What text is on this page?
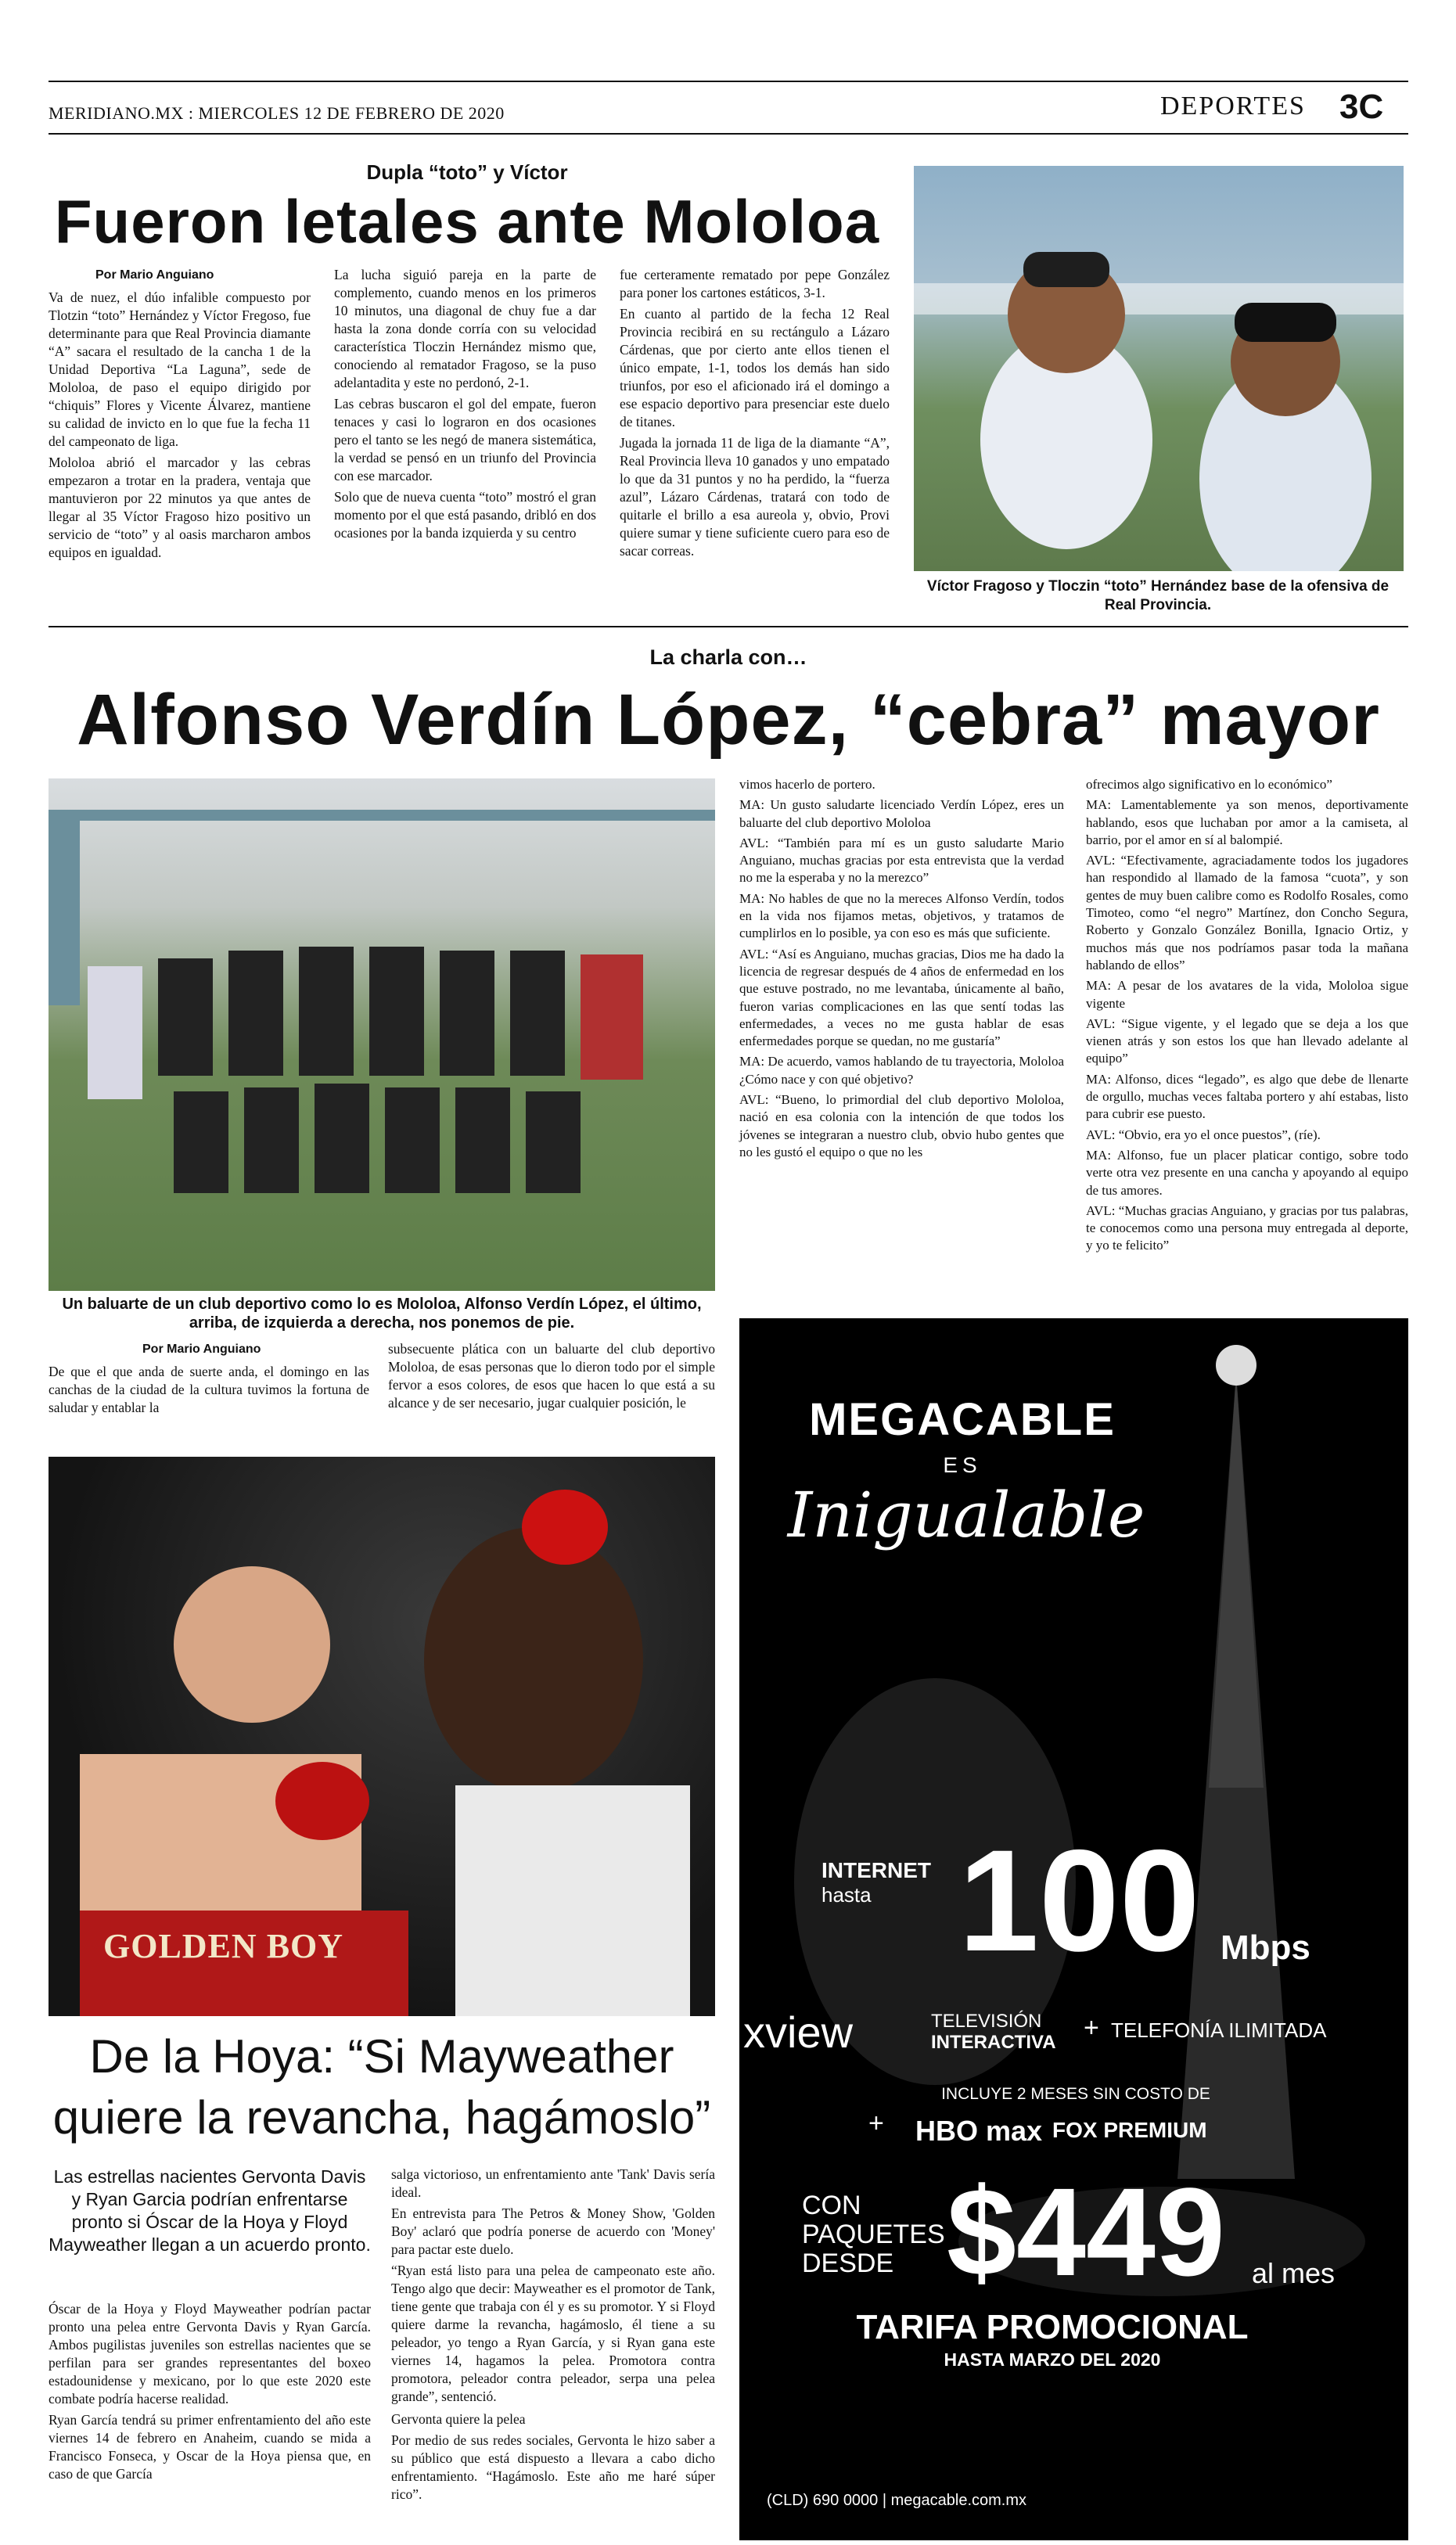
MERIDIANO.MX : MIERCOLES 12 DE FEBRERO DE 2020	DEPORTES 3C
Dupla “toto” y Víctor
Fueron letales ante Mololoa
Por Mario Anguiano

Va de nuez, el dúo infalible compuesto por Tlotzin “toto” Hernández y Víctor Fregoso, fue determinante para que Real Provincia diamante “A” sacara el resultado de la cancha 1 de la Unidad Deportiva “La Laguna”, sede de Mololoa, de paso el equipo dirigido por “chiquis” Flores y Vicente Álvarez, mantiene su calidad de invicto en lo que fue la fecha 11 del campeonato de liga.

Mololoa abrió el marcador y las cebras empezaron a trotar en la pradera, ventaja que mantuvieron por 22 minutos ya que antes de llegar al 35 Víctor Fragoso hizo positivo un servicio de “toto” y al oasis marcharon ambos equipos en igualdad.

La lucha siguió pareja en la parte de complemento, cuando menos en los primeros 10 minutos, una diagonal de chuy fue a dar hasta la zona donde corría con su velocidad característica Tloczin Hernández mismo que, conociendo al rematador Fragoso, se la puso adelantadita y este no perdonó, 2-1.

Las cebras buscaron el gol del empate, fueron tenaces y casi lo lograron en dos ocasiones pero el tanto se les negó de manera sistemática, la verdad se pensó en un triunfo del Provincia con ese marcador.

Solo que de nueva cuenta “toto” mostró el gran momento por el que está pasando, dribló en dos ocasiones por la banda izquierda y su centro

fue certeramente rematado por pepe González para poner los cartones estáticos, 3-1.

En cuanto al partido de la fecha 12 Real Provincia recibirá en su rectángulo a Lázaro Cárdenas, que por cierto ante ellos tienen el único empate, 1-1, todos los demás han sido triunfos, por eso el aficionado irá el domingo a ese espacio deportivo para presenciar este duelo de titanes.

Jugada la jornada 11 de liga de la diamante “A”, Real Provincia lleva 10 ganados y uno empatado lo que da 31 puntos y no ha perdido, la “fuerza azul”, Lázaro Cárdenas, tratará con todo de quitarle el brillo a esa aureola y, obvio, Provi quiere sumar y tiene suficiente cuero para eso de sacar correas.

Víctor Fragoso y Tloczin “toto” Hernández base de la ofensiva de Real Provincia.
La charla con…
Alfonso Verdín López, “cebra” mayor
Un baluarte de un club deportivo como lo es Mololoa, Alfonso Verdín López, el último, arriba, de izquierda a derecha, nos ponemos de pie.
Por Mario Anguiano

De que el que anda de suerte anda, el domingo en las canchas de la ciudad de la cultura tuvimos la fortuna de saludar y entablar la

subsecuente plática con un baluarte del club deportivo Mololoa, de esas personas que lo dieron todo por el simple fervor a esos colores, de esos que hacen lo que está a su alcance y de ser necesario, jugar cualquier posición, le

vimos hacerlo de portero.

MA: Un gusto saludarte licenciado Verdín López, eres un baluarte del club deportivo Mololoa

AVL: “También para mí es un gusto saludarte Mario Anguiano, muchas gracias por esta entrevista que la verdad no me la esperaba y no la merezco”

MA: No hables de que no la mereces Alfonso Verdín, todos en la vida nos fijamos metas, objetivos, y tratamos de cumplirlos en lo posible, ya con eso es más que suficiente.

AVL: “Así es Anguiano, muchas gracias, Dios me ha dado la licencia de regresar después de 4 años de enfermedad en los que estuve postrado, no me levantaba, únicamente al baño, fueron varias complicaciones en las que sentí todas las enfermedades, a veces no me gusta hablar de esas enfermedades porque se quedan, no me gustaría”

MA: De acuerdo, vamos hablando de tu trayectoria, Mololoa ¿Cómo nace y con qué objetivo?

AVL: “Bueno, lo primordial del club deportivo Mololoa, nació en esa colonia con la intención de que todos los jóvenes se integraran a nuestro club, obvio hubo gentes que no les gustó el equipo o que no les

ofrecimos algo significativo en lo económico”

MA: Lamentablemente ya son menos, deportivamente hablando, esos que luchaban por amor a la camiseta, al barrio, por el amor en sí al balompié.

AVL: “Efectivamente, agraciadamente todos los jugadores han respondido al llamado de la famosa “cuota”, y son gentes de muy buen calibre como es Rodolfo Rosales, como Timoteo, como “el negro” Martínez, don Concho Segura, Roberto y Gonzalo González Bonilla, Ignacio Ortiz, y muchos más que nos podríamos pasar toda la mañana hablando de ellos”

MA: A pesar de los avatares de la vida, Mololoa sigue vigente

AVL: “Sigue vigente, y el legado que se deja a los que vienen atrás y son estos los que han llevado adelante al equipo”

MA: Alfonso, dices “legado”, es algo que debe de llenarte de orgullo, muchas veces faltaba portero y ahí estabas, listo para cubrir ese puesto.

AVL: “Obvio, era yo el once puestos”, (ríe).

MA: Alfonso, fue un placer platicar contigo, sobre todo verte otra vez presente en una cancha y apoyando al equipo de tus amores.

AVL: “Muchas gracias Anguiano, y gracias por tus palabras, te conocemos como una persona muy entregada al deporte, y yo te felicito”

GOLDEN BOY
De la Hoya: “Si Mayweather quiere la revancha, hagámoslo”
Las estrellas nacientes Gervonta Davis y Ryan Garcia podrían enfrentarse pronto si Óscar de la Hoya y Floyd Mayweather llegan a un acuerdo pronto.

Óscar de la Hoya y Floyd Mayweather podrían pactar pronto una pelea entre Gervonta Davis y Ryan García. Ambos pugilistas juveniles son estrellas nacientes que se perfilan para ser grandes representantes del boxeo estadounidense y mexicano, por lo que este 2020 este combate podría hacerse realidad.

Ryan García tendrá su primer enfrentamiento del año este viernes 14 de febrero en Anaheim, cuando se mida a Francisco Fonseca, y Oscar de la Hoya piensa que, en caso de que García

salga victorioso, un enfrentamiento ante 'Tank' Davis sería ideal.

En entrevista para The Petros & Money Show, 'Golden Boy' aclaró que podría ponerse de acuerdo con 'Money' para pactar este duelo.

“Ryan está listo para una pelea de campeonato este año. Tengo algo que decir: Mayweather es el promotor de Tank, tiene gente que trabaja con él y es su promotor. Y si Floyd quiere darme la revancha, hagámoslo, él tiene a su peleador, yo tengo a Ryan García, y si Ryan gana este viernes 14, hagamos la pelea. Promotora contra promotora, peleador contra peleador, serpa una pelea grande”, sentenció.

Gervonta quiere la pelea

Por medio de sus redes sociales, Gervonta le hizo saber a su público que está dispuesto a llevara a cabo dicho enfrentamiento. “Hagámoslo. Este año me haré súper rico”.

MEGACABLE
ES
Inigualable
INTERNET
hasta 100 Mbps
xview	TELEVISIÓN
INTERACTIVA + TELEFONÍA ILIMITADA
INCLUYE 2 MESES SIN COSTO DE
+ HBO max FOX PREMIUM
CON
PAQUETES
DESDE $449 al mes
TARIFA PROMOCIONAL
HASTA MARZO DEL 2020
(CLD) 690 0000 | megacable.com.mx
